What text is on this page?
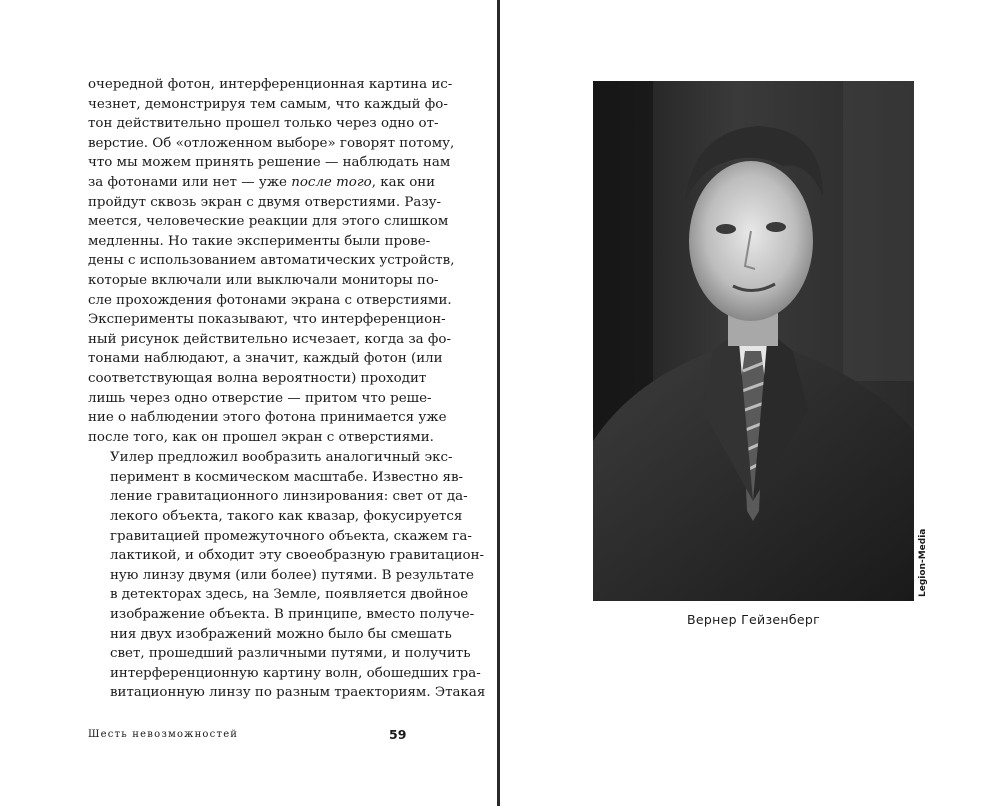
очередной фотон, интерференционная картина ис-
чезнет, демонстрируя тем самым, что каждый фо-
тон действительно прошел только через одно от-
верстие. Об «отложенном выборе» говорят потому,
что мы можем принять решение — наблюдать нам
за фотонами или нет — уже после того, как они
пройдут сквозь экран с двумя отверстиями. Разу-
меется, человеческие реакции для этого слишком
медленны. Но такие эксперименты были прове-
дены с использованием автоматических устройств,
которые включали или выключали мониторы по-
сле прохождения фотонами экрана с отверстиями.
Эксперименты показывают, что интерференцион-
ный рисунок действительно исчезает, когда за фо-
тонами наблюдают, а значит, каждый фотон (или
соответствующая волна вероятности) проходит
лишь через одно отверстие — притом что реше-
ние о наблюдении этого фотона принимается уже
после того, как он прошел экран с отверстиями.

Уилер предложил вообразить аналогичный экс-
перимент в космическом масштабе. Известно яв-
ление гравитационного линзирования: свет от да-
лекого объекта, такого как квазар, фокусируется
гравитацией промежуточного объекта, скажем га-
лактикой, и обходит эту своеобразную гравитацион-
ную линзу двумя (или более) путями. В результате
в детекторах здесь, на Земле, появляется двойное
изображение объекта. В принципе, вместо получе-
ния двух изображений можно было бы смешать
свет, прошедший различными путями, и получить
интерференционную картину волн, обошедших гра-
витационную линзу по разным траекториям. Этакая

Шесть невозможностей	59
Legion-Media
Вернер Гейзенберг
